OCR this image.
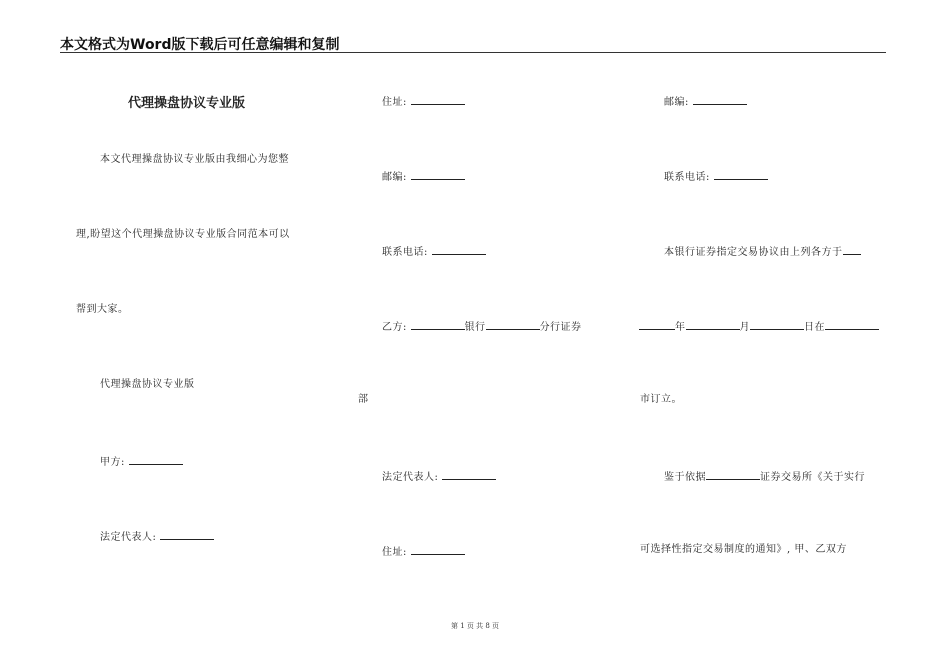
本文格式为Word版下载后可任意编辑和复制
代理操盘协议专业版
本文代理操盘协议专业版由我细心为您整
理,盼望这个代理操盘协议专业版合同范本可以
帮到大家。
代理操盘协议专业版
甲方:
法定代表人:
住址:
邮编:
联系电话:
乙方:	银行	分行证券
部
法定代表人:
住址:
邮编:
联系电话:
本银行证券指定交易协议由上列各方于
年	月	日在
市订立。
鉴于依据	证券交易所《关于实行
可选择性指定交易制度的通知》, 甲、乙双方
第 1 页 共 8 页
